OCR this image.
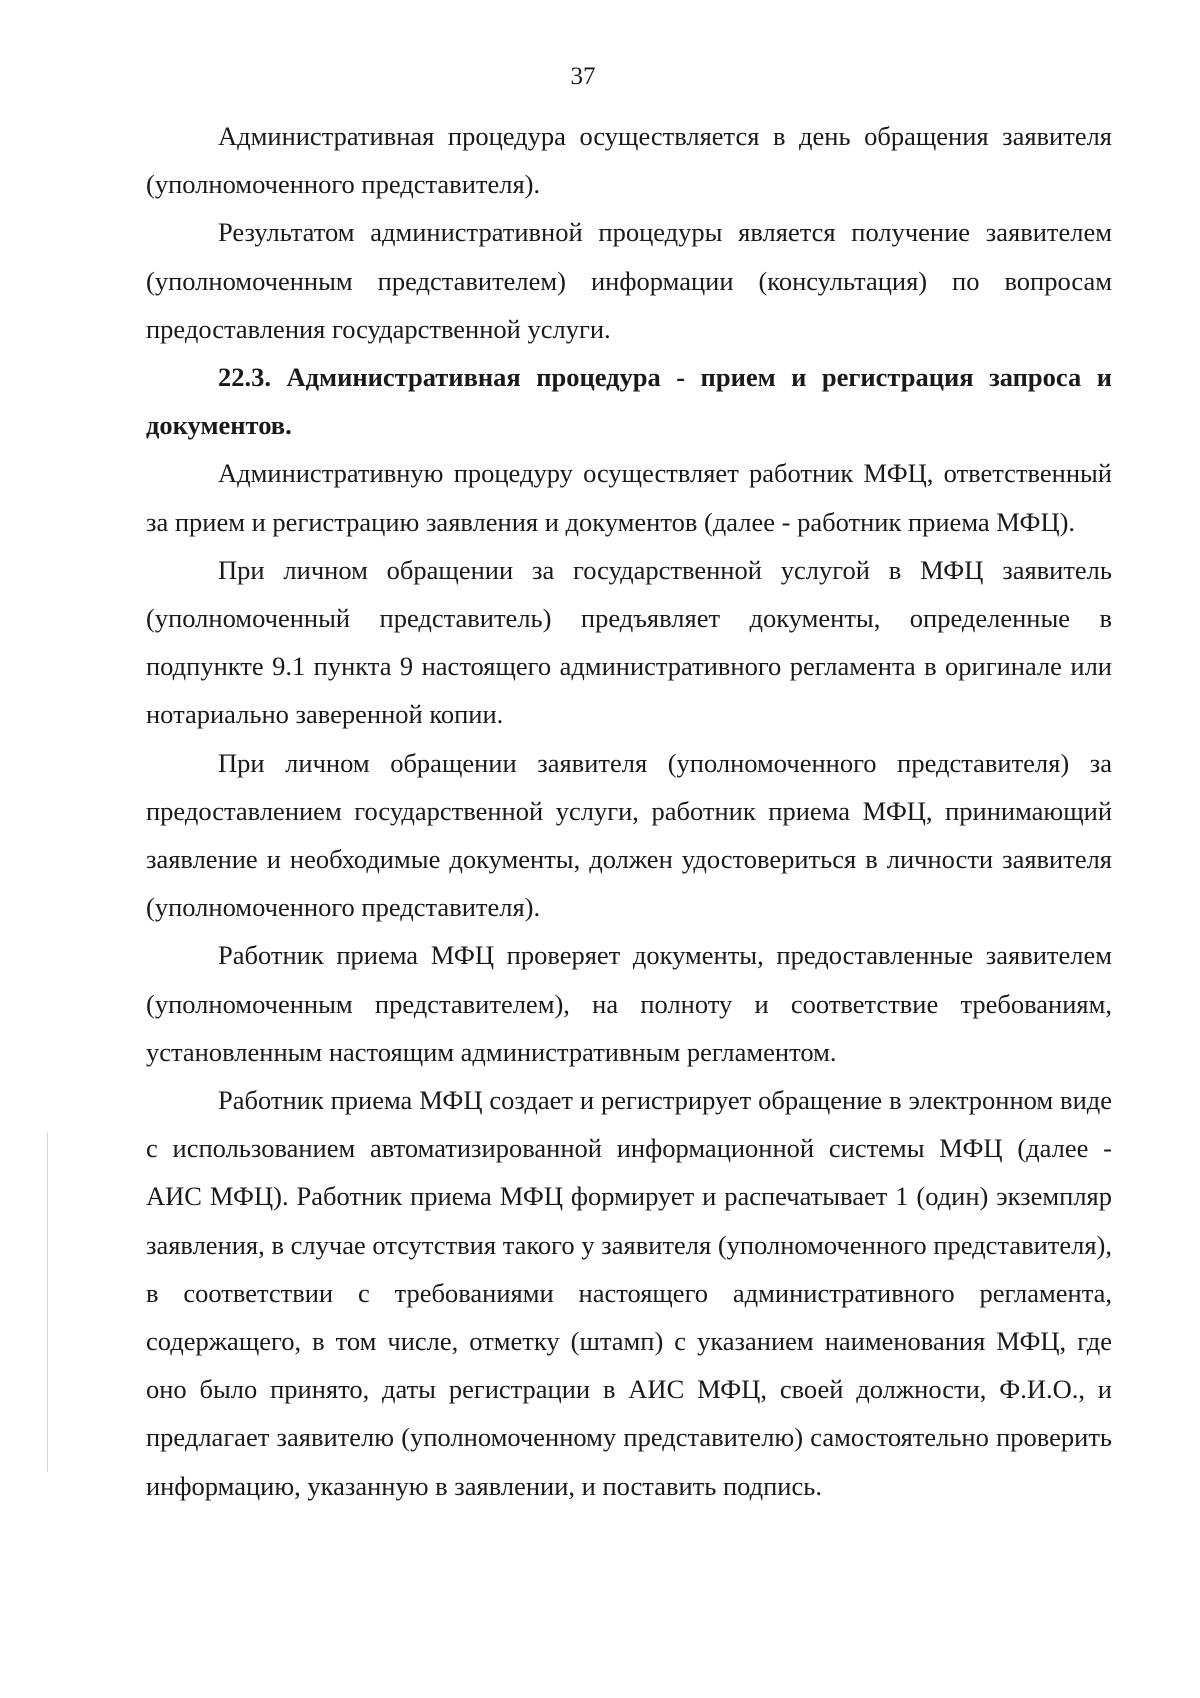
37

Административная процедура осуществляется в день обращения заявителя (уполномоченного представителя).

Результатом административной процедуры является получение заявителем (уполномоченным представителем) информации (консультация) по вопросам предоставления государственной услуги.

22.3. Административная процедура - прием и регистрация запроса и документов.

Административную процедуру осуществляет работник МФЦ, ответственный за прием и регистрацию заявления и документов (далее - работник приема МФЦ).

При личном обращении за государственной услугой в МФЦ заявитель (уполномоченный представитель) предъявляет документы, определенные в подпункте 9.1 пункта 9 настоящего административного регламента в оригинале или нотариально заверенной копии.

При личном обращении заявителя (уполномоченного представителя) за предоставлением государственной услуги, работник приема МФЦ, принимающий заявление и необходимые документы, должен удостовериться в личности заявителя (уполномоченного представителя).

Работник приема МФЦ проверяет документы, предоставленные заявителем (уполномоченным представителем), на полноту и соответствие требованиям, установленным настоящим административным регламентом.

Работник приема МФЦ создает и регистрирует обращение в электронном виде с использованием автоматизированной информационной системы МФЦ (далее - АИС МФЦ). Работник приема МФЦ формирует и распечатывает 1 (один) экземпляр заявления, в случае отсутствия такого у заявителя (уполномоченного представителя), в соответствии с требованиями настоящего административного регламента, содержащего, в том числе, отметку (штамп) с указанием наименования МФЦ, где оно было принято, даты регистрации в АИС МФЦ, своей должности, Ф.И.О., и предлагает заявителю (уполномоченному представителю) самостоятельно проверить информацию, указанную в заявлении, и поставить подпись.
